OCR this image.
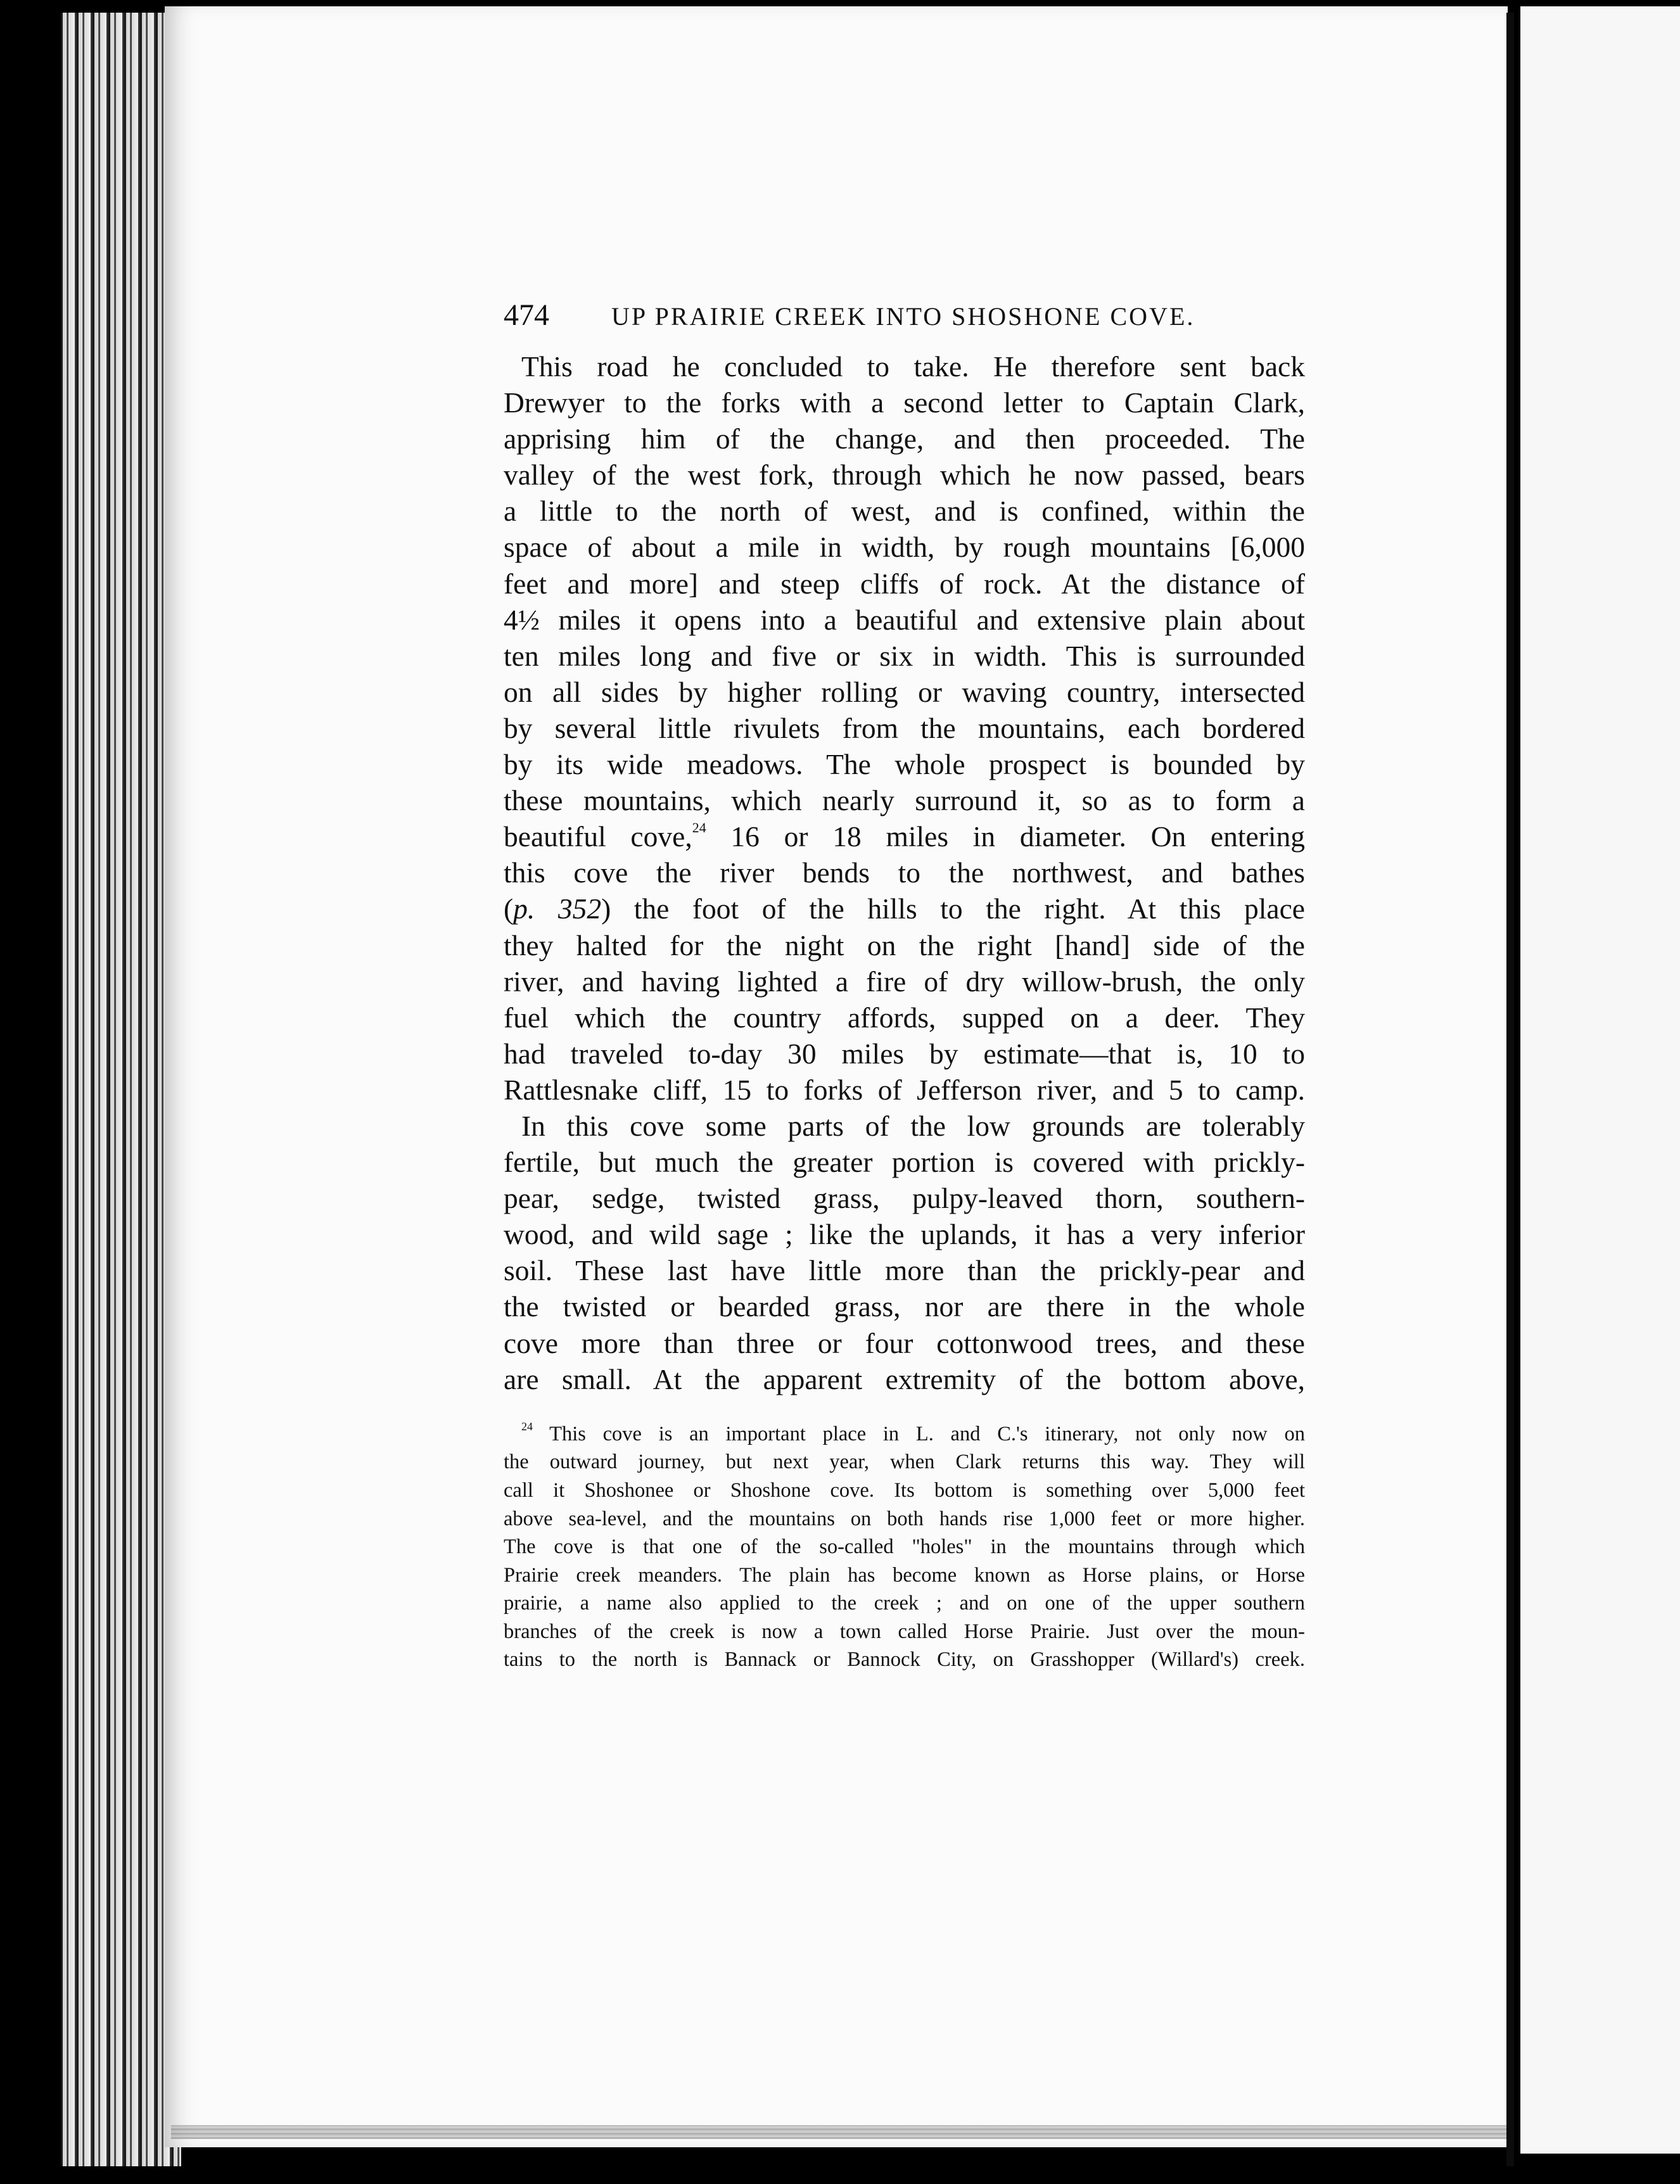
474	UP PRAIRIE CREEK INTO SHOSHONE COVE.
This road he concluded to take. He therefore sent back
Drewyer to the forks with a second letter to Captain Clark,
apprising him of the change, and then proceeded. The
valley of the west fork, through which he now passed, bears
a little to the north of west, and is confined, within the
space of about a mile in width, by rough mountains [6,000
feet and more] and steep cliffs of rock. At the distance of
4½ miles it opens into a beautiful and extensive plain about
ten miles long and five or six in width. This is surrounded
on all sides by higher rolling or waving country, intersected
by several little rivulets from the mountains, each bordered
by its wide meadows. The whole prospect is bounded by
these mountains, which nearly surround it, so as to form a
beautiful cove,$^{24}$ 16 or 18 miles in diameter. On entering
this cove the river bends to the northwest, and bathes
(p. 352) the foot of the hills to the right. At this place
they halted for the night on the right [hand] side of the
river, and having lighted a fire of dry willow-brush, the only
fuel which the country affords, supped on a deer. They
had traveled to-day 30 miles by estimate—that is, 10 to
Rattlesnake cliff, 15 to forks of Jefferson river, and 5 to camp.
In this cove some parts of the low grounds are tolerably
fertile, but much the greater portion is covered with prickly-
pear, sedge, twisted grass, pulpy-leaved thorn, southern-
wood, and wild sage ; like the uplands, it has a very inferior
soil. These last have little more than the prickly-pear and
the twisted or bearded grass, nor are there in the whole
cove more than three or four cottonwood trees, and these
are small. At the apparent extremity of the bottom above,
$^{24}$ This cove is an important place in L. and C.'s itinerary, not only now on
the outward journey, but next year, when Clark returns this way. They will
call it Shoshonee or Shoshone cove. Its bottom is something over 5,000 feet
above sea-level, and the mountains on both hands rise 1,000 feet or more higher.
The cove is that one of the so-called "holes" in the mountains through which
Prairie creek meanders. The plain has become known as Horse plains, or Horse
prairie, a name also applied to the creek ; and on one of the upper southern
branches of the creek is now a town called Horse Prairie. Just over the moun-
tains to the north is Bannack or Bannock City, on Grasshopper (Willard's) creek.
